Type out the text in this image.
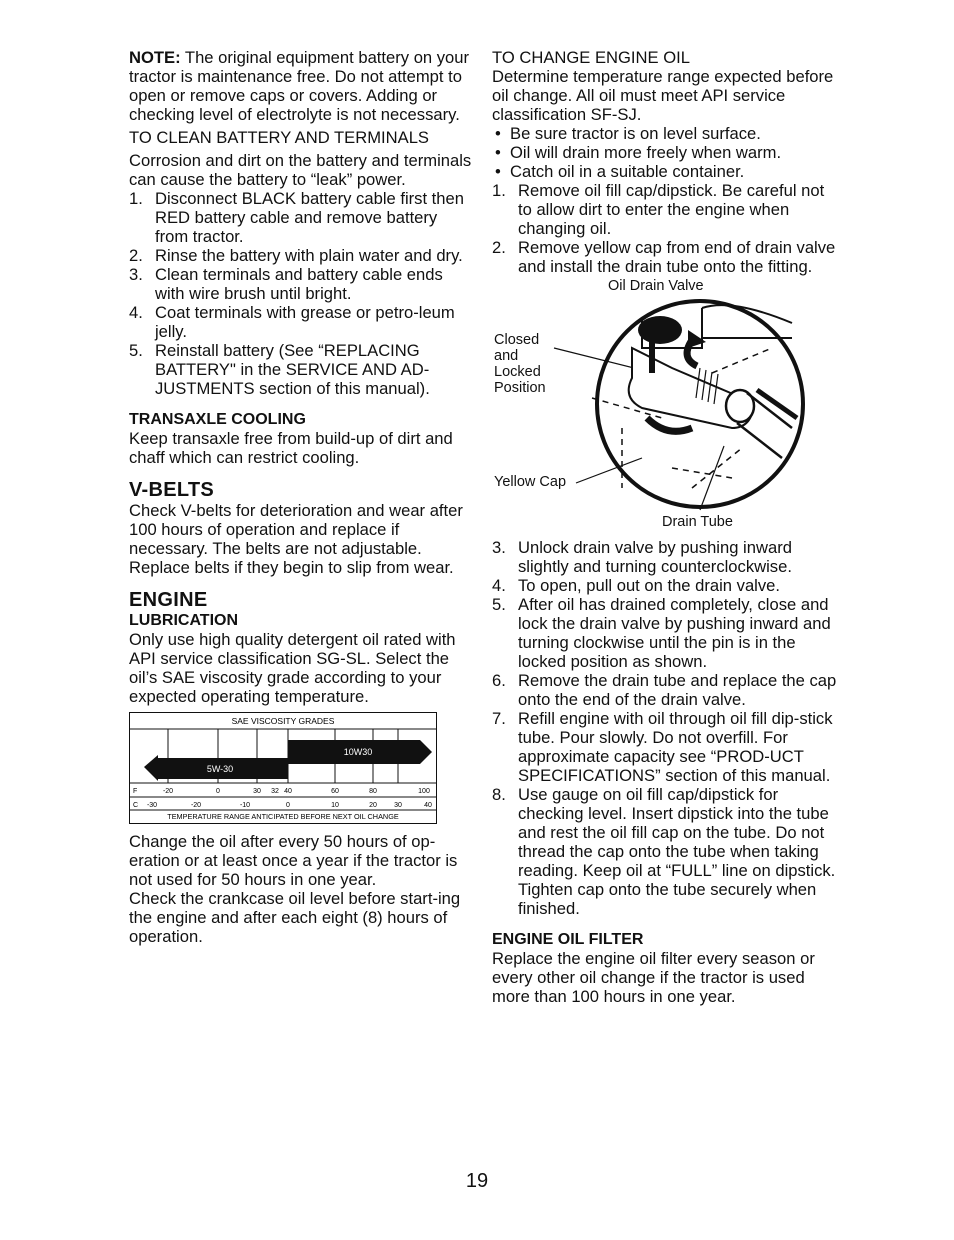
NOTE: The original equipment battery on your tractor is maintenance free. Do not attempt to open or remove caps or covers. Adding or checking level of electrolyte is not necessary.

TO CLEAN BATTERY AND TERMINALS

Corrosion and dirt on the battery and terminals can cause the battery to “leak” power.

1. Disconnect BLACK battery cable first then RED battery cable and remove battery from tractor.
2. Rinse the battery with plain water and dry.
3. Clean terminals and battery cable ends with wire brush until bright.
4. Coat terminals with grease or petro-leum jelly.
5. Reinstall battery (See “REPLACING BATTERY" in the SERVICE AND AD-JUSTMENTS section of this manual).

TRANSAXLE COOLING

Keep transaxle free from build-up of dirt and chaff which can restrict cooling.

V-BELTS

Check V-belts for deterioration and wear after 100 hours of operation and replace if necessary. The belts are not adjustable. Replace belts if they begin to slip from wear.

ENGINE

LUBRICATION

Only use high quality detergent oil rated with API service classification SG-SL. Select the oil’s SAE viscosity grade according to your expected operating temperature.

SAE VISCOSITY GRADES
10W30
5W-30
F	-20	0	30 32 40	60	80	100
C -30	-20	-10	0	10	20 30	40
TEMPERATURE RANGE ANTICIPATED BEFORE NEXT OIL CHANGE

Change the oil after every 50 hours of op-eration or at least once a year if the tractor is not used for 50 hours in one year.

Check the crankcase oil level before start-ing the engine and after each eight (8) hours of operation.

TO CHANGE ENGINE OIL

Determine temperature range expected before oil change. All oil must meet API service classification SF-SJ.

• Be sure tractor is on level surface.
• Oil will drain more freely when warm.
• Catch oil in a suitable container.
1. Remove oil fill cap/dipstick. Be careful not to allow dirt to enter the engine when changing oil.
2. Remove yellow cap from end of drain valve and install the drain tube onto the fitting.
Oil Drain Valve
Closed
and
Locked
Position
Yellow Cap
Drain Tube
3. Unlock drain valve by pushing inward slightly and turning counterclockwise.
4. To open, pull out on the drain valve.
5. After oil has drained completely, close and lock the drain valve by pushing inward and turning clockwise until the pin is in the locked position as shown.
6. Remove the drain tube and replace the cap onto the end of the drain valve.
7. Refill engine with oil through oil fill dip-stick tube. Pour slowly. Do not overfill. For approximate capacity see “PROD-UCT SPECIFICATIONS” section of this manual.
8. Use gauge on oil fill cap/dipstick for checking level. Insert dipstick into the tube and rest the oil fill cap on the tube. Do not thread the cap onto the tube when taking reading. Keep oil at “FULL” line on dipstick. Tighten cap onto the tube securely when finished.

ENGINE OIL FILTER

Replace the engine oil filter every season or every other oil change if the tractor is used more than 100 hours in one year.

19
